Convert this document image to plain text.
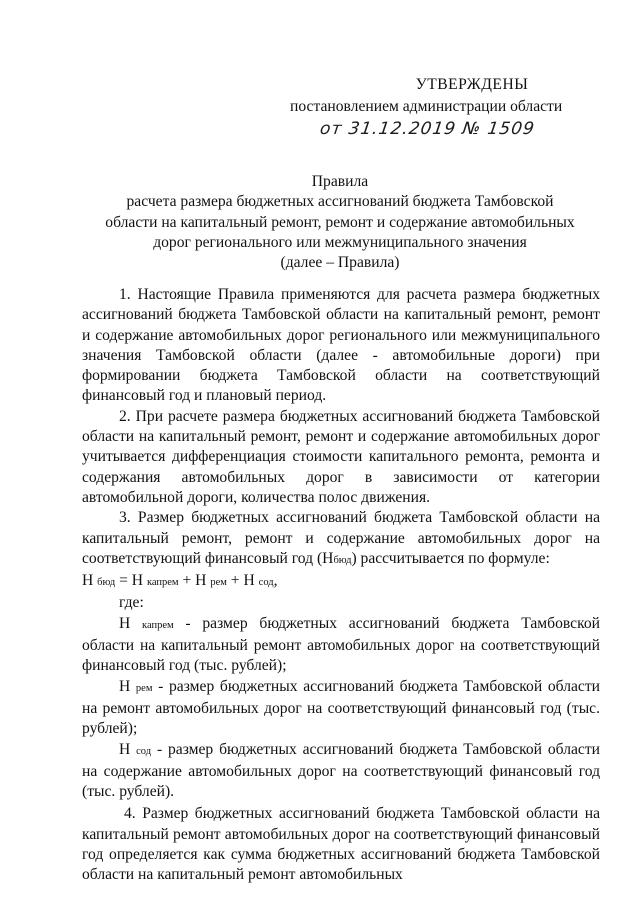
УТВЕРЖДЕНЫ
постановлением администрации области
от 31.12.2019 № 1509
Правила
расчета размера бюджетных ассигнований бюджета Тамбовской
области на капитальный ремонт, ремонт и содержание автомобильных
дорог регионального или межмуниципального значения
(далее – Правила)
1. Настоящие Правила применяются для расчета размера бюджетных ассигнований бюджета Тамбовской области на капитальный ремонт, ремонт и содержание автомобильных дорог регионального или межмуниципального значения Тамбовской области (далее - автомобильные дороги) при формировании бюджета Тамбовской области на соответствующий финансовый год и плановый период.
2. При расчете размера бюджетных ассигнований бюджета Тамбовской области на капитальный ремонт, ремонт и содержание автомобильных дорог учитывается дифференциация стоимости капитального ремонта, ремонта и содержания автомобильных дорог в зависимости от категории автомобильной дороги, количества полос движения.
3. Размер бюджетных ассигнований бюджета Тамбовской области на капитальный ремонт, ремонт и содержание автомобильных дорог на соответствующий финансовый год (Нбюд) рассчитывается по формуле:
Н бюд = Н капрем + Н рем + Н сод,
где:
Н капрем - размер бюджетных ассигнований бюджета Тамбовской области на капитальный ремонт автомобильных дорог на соответствующий финансовый год (тыс. рублей);
Н рем - размер бюджетных ассигнований бюджета Тамбовской области на ремонт автомобильных дорог на соответствующий финансовый год (тыс. рублей);
Н сод - размер бюджетных ассигнований бюджета Тамбовской области на содержание автомобильных дорог на соответствующий финансовый год (тыс. рублей).
4. Размер бюджетных ассигнований бюджета Тамбовской области на капитальный ремонт автомобильных дорог на соответствующий финансовый год определяется как сумма бюджетных ассигнований бюджета Тамбовской области на капитальный ремонт автомобильных
